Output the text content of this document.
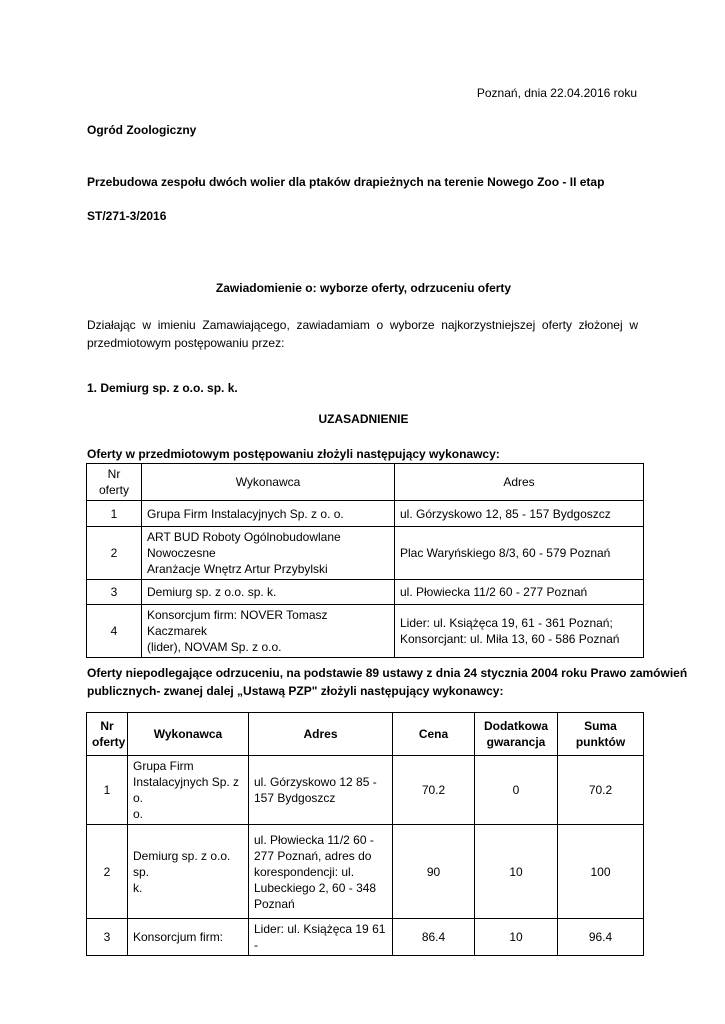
Poznań, dnia 22.04.2016 roku

Ogród Zoologiczny

Przebudowa zespołu dwóch wolier dla ptaków drapieżnych na terenie Nowego Zoo - II etap

ST/271-3/2016

Zawiadomienie o: wyborze oferty, odrzuceniu oferty

Działając w imieniu Zamawiającego, zawiadamiam o wyborze najkorzystniejszej oferty złożonej w

przedmiotowym postępowaniu przez:

1. Demiurg sp. z o.o. sp. k.

UZASADNIENIE

Oferty w przedmiotowym postępowaniu złożyli następujący wykonawcy:

Nr oferty	Wykonawca	Adres
1	Grupa Firm Instalacyjnych Sp. z o. o.	ul. Górzyskowo 12, 85 - 157 Bydgoszcz
2	ART BUD Roboty Ogólnobudowlane Nowoczesne
Aranżacje Wnętrz Artur Przybylski	Plac Waryńskiego 8/3, 60 - 579 Poznań
3	Demiurg sp. z o.o. sp. k.	ul. Płowiecka 11/2 60 - 277 Poznań
4	Konsorcjum firm: NOVER Tomasz Kaczmarek
(lider), NOVAM Sp. z o.o.	Lider: ul. Książęca 19, 61 - 361 Poznań;
Konsorcjant: ul. Miła 13, 60 - 586 Poznań

Oferty niepodlegające odrzuceniu, na podstawie 89 ustawy z dnia 24 stycznia 2004 roku Prawo zamówień

publicznych- zwanej dalej „Ustawą PZP" złożyli następujący wykonawcy:

Nr
oferty	Wykonawca	Adres	Cena	Dodatkowa
gwarancja	Suma punktów
1	Grupa Firm
Instalacyjnych Sp. z o.
o.	ul. Górzyskowo 12 85 -
157 Bydgoszcz	70.2	0	70.2
2	Demiurg sp. z o.o. sp.
k.	ul. Płowiecka 11/2 60 -
277 Poznań, adres do
korespondencji: ul.
Lubeckiego 2, 60 - 348
Poznań	90	10	100
3	Konsorcjum firm:	Lider: ul. Książęca 19 61 -	86.4	10	96.4
